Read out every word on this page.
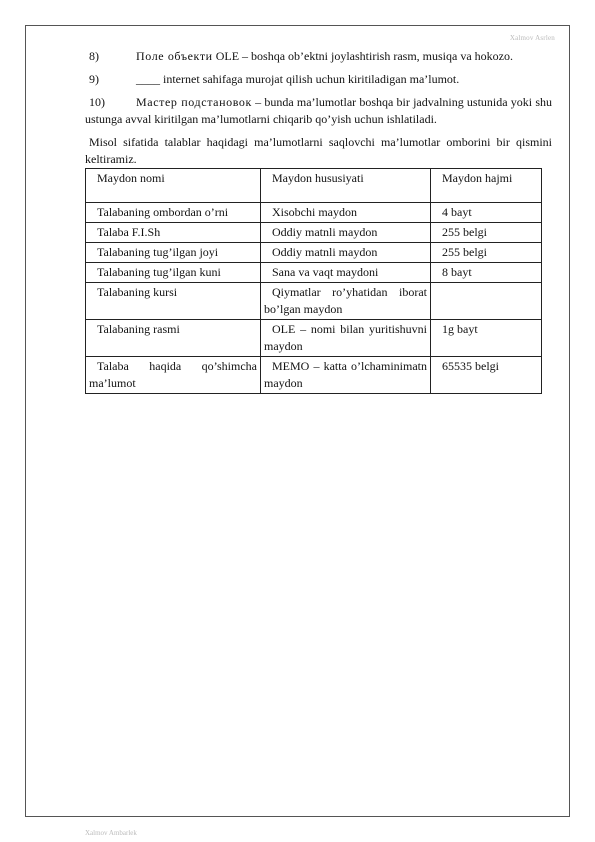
Xalmov Asrlen

8)	Поле объекти OLE – boshqa ob’ektni joylashtirish rasm, musiqa va hokozo.

9)	____ internet sahifaga murojat qilish uchun kiritiladigan ma’lumot.

10)	Мастер подстановок – bunda ma’lumotlar boshqa bir jadvalning ustunida yoki shu ustunga avval kiritilgan ma’lumotlarni chiqarib qo’yish uchun ishlatiladi.

Misol sifatida talablar haqidagi ma’lumotlarni saqlovchi ma’lumotlar omborini bir qismini keltiramiz.

Maydon nomi	Maydon hususiyati	Maydon hajmi
Talabaning ombordan o’rni	Xisobchi maydon	4 bayt
Talaba F.I.Sh	Oddiy matnli maydon	255 belgi
Talabaning tug’ilgan joyi	Oddiy matnli maydon	255 belgi
Talabaning tug’ilgan kuni	Sana va vaqt maydoni	8 bayt
Talabaning kursi	Qiymatlar ro’yhatidan iborat bo’lgan maydon	
Talabaning rasmi	OLE – nomi bilan yuritishuvni maydon	1g bayt
Talaba haqida qo’shimcha ma’lumot	MEMO – katta o’lchaminimatn maydon	65535 belgi
Xalmov Ambarlek
